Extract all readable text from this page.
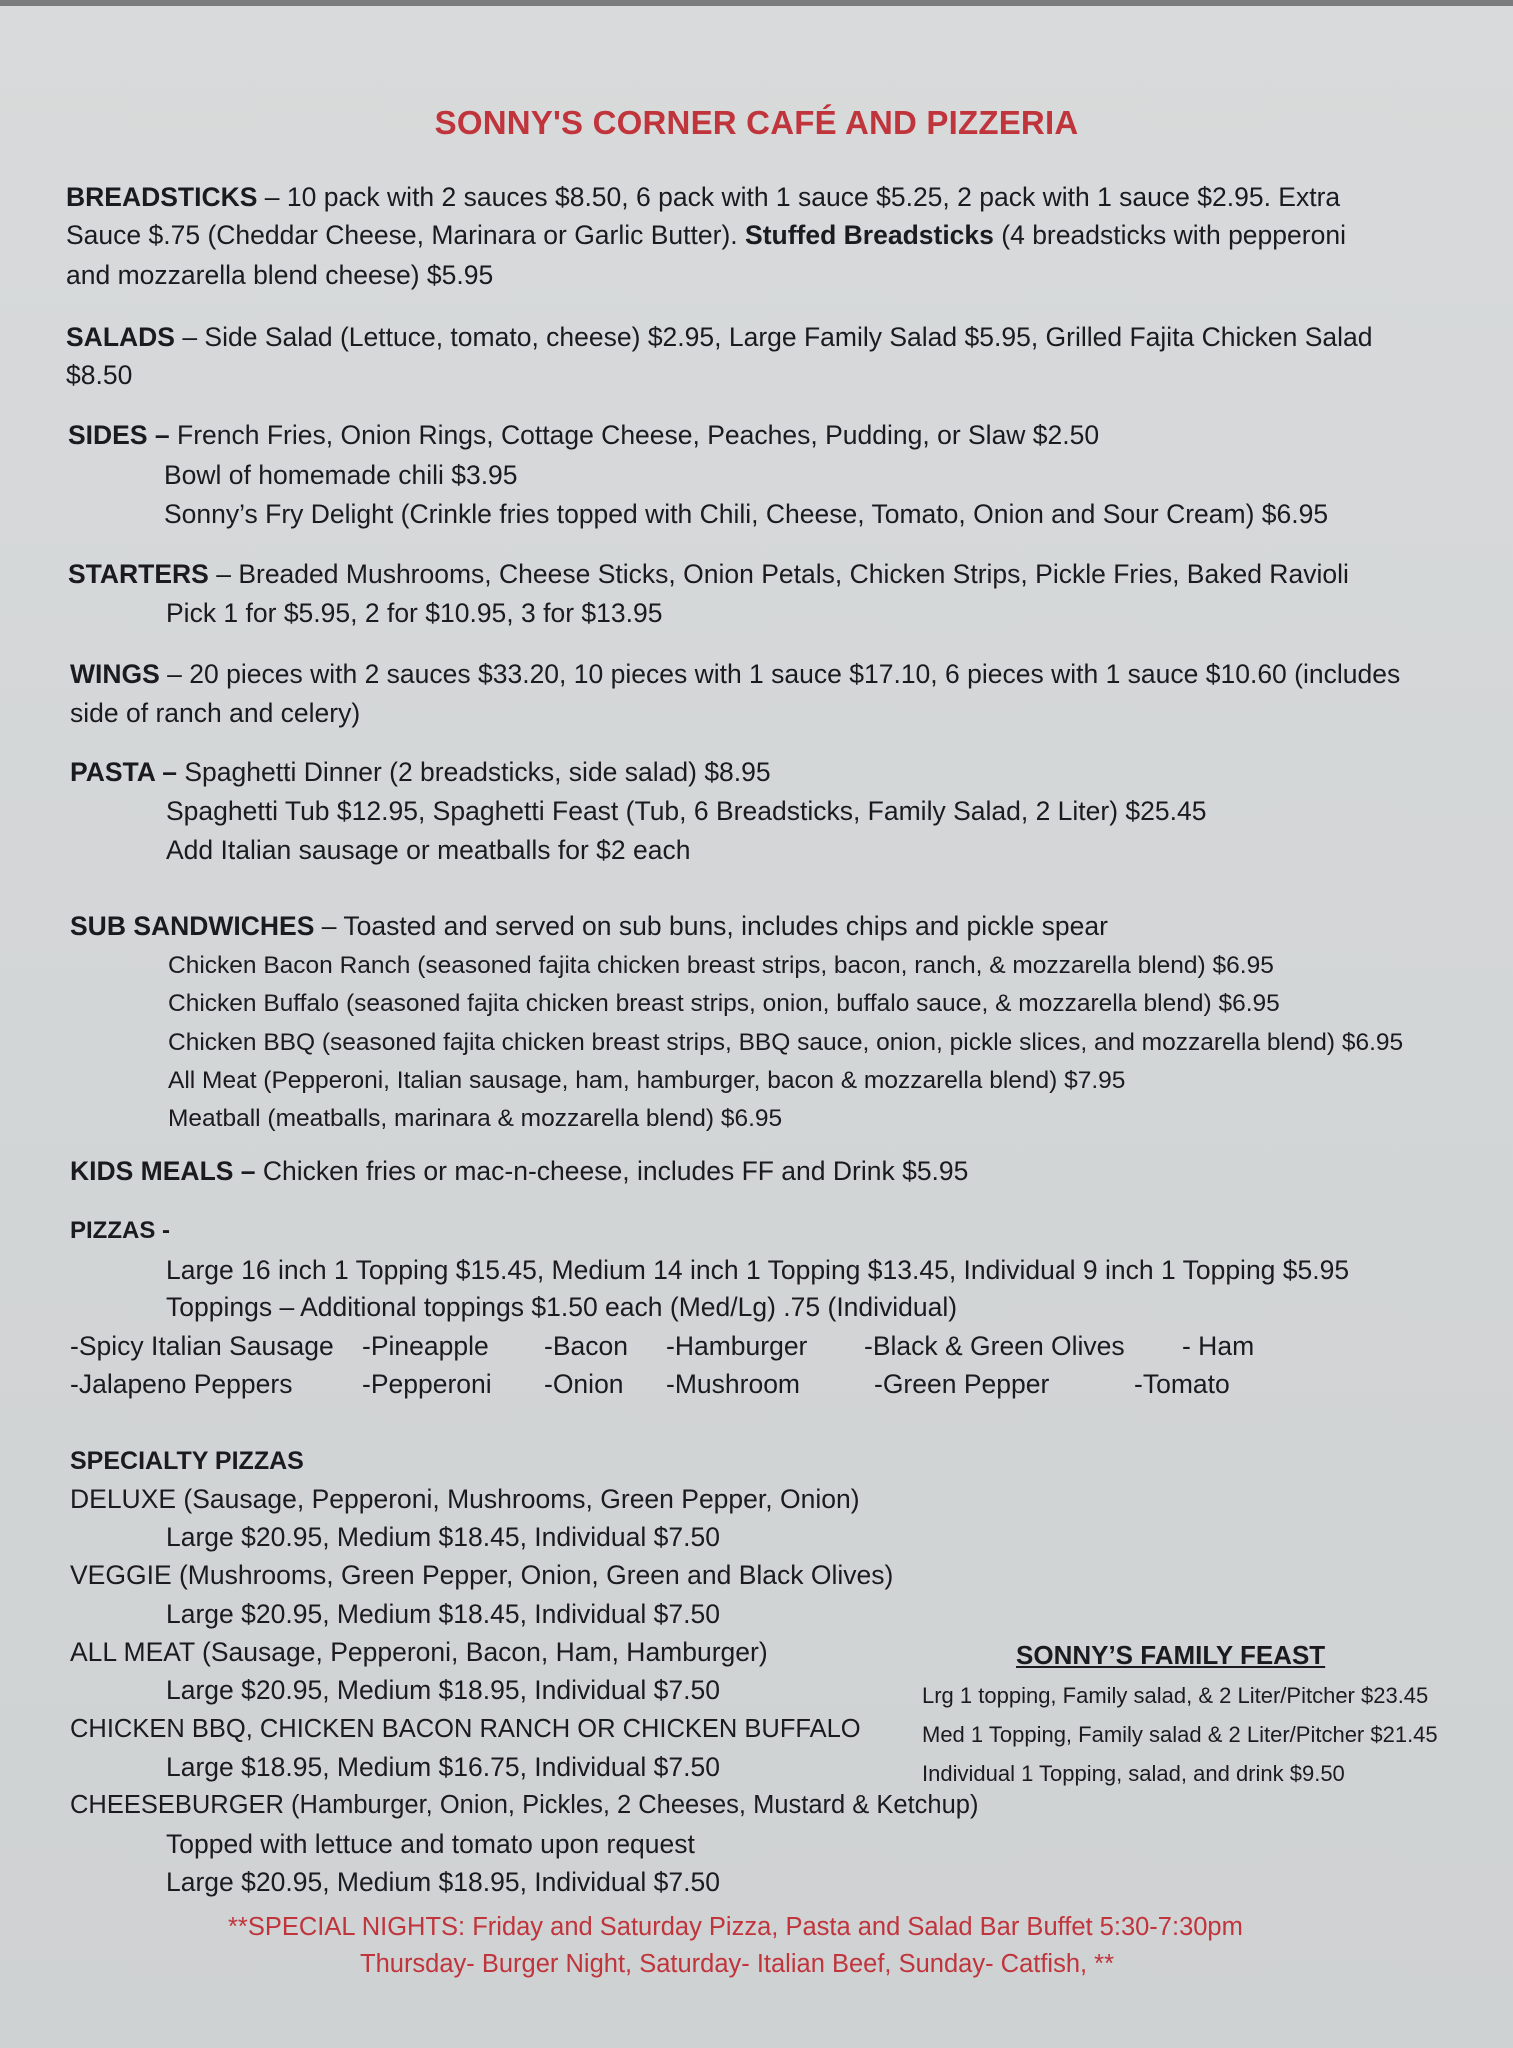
SONNY'S CORNER CAFÉ AND PIZZERIA
BREADSTICKS – 10 pack with 2 sauces $8.50, 6 pack with 1 sauce $5.25, 2 pack with 1 sauce $2.95. Extra
Sauce $.75 (Cheddar Cheese, Marinara or Garlic Butter). Stuffed Breadsticks (4 breadsticks with pepperoni
and mozzarella blend cheese) $5.95
SALADS – Side Salad (Lettuce, tomato, cheese) $2.95, Large Family Salad $5.95, Grilled Fajita Chicken Salad
$8.50
SIDES – French Fries, Onion Rings, Cottage Cheese, Peaches, Pudding, or Slaw $2.50
Bowl of homemade chili $3.95
Sonny’s Fry Delight (Crinkle fries topped with Chili, Cheese, Tomato, Onion and Sour Cream) $6.95
STARTERS – Breaded Mushrooms, Cheese Sticks, Onion Petals, Chicken Strips, Pickle Fries, Baked Ravioli
Pick 1 for $5.95, 2 for $10.95, 3 for $13.95
WINGS – 20 pieces with 2 sauces $33.20, 10 pieces with 1 sauce $17.10, 6 pieces with 1 sauce $10.60 (includes
side of ranch and celery)
PASTA – Spaghetti Dinner (2 breadsticks, side salad) $8.95
Spaghetti Tub $12.95, Spaghetti Feast (Tub, 6 Breadsticks, Family Salad, 2 Liter) $25.45
Add Italian sausage or meatballs for $2 each
SUB SANDWICHES – Toasted and served on sub buns, includes chips and pickle spear
Chicken Bacon Ranch (seasoned fajita chicken breast strips, bacon, ranch, & mozzarella blend) $6.95
Chicken Buffalo (seasoned fajita chicken breast strips, onion, buffalo sauce, & mozzarella blend) $6.95
Chicken BBQ (seasoned fajita chicken breast strips, BBQ sauce, onion, pickle slices, and mozzarella blend) $6.95
All Meat (Pepperoni, Italian sausage, ham, hamburger, bacon & mozzarella blend) $7.95
Meatball (meatballs, marinara & mozzarella blend) $6.95
KIDS MEALS – Chicken fries or mac-n-cheese, includes FF and Drink $5.95
PIZZAS -
Large 16 inch 1 Topping $15.45, Medium 14 inch 1 Topping $13.45, Individual 9 inch 1 Topping $5.95
Toppings – Additional toppings $1.50 each (Med/Lg) .75 (Individual)
-Spicy Italian Sausage -Pineapple -Bacon -Hamburger -Black & Green Olives - Ham
-Jalapeno Peppers	-Pepperoni -Onion -Mushroom	-Green Pepper	-Tomato
SPECIALTY PIZZAS
DELUXE (Sausage, Pepperoni, Mushrooms, Green Pepper, Onion)
Large $20.95, Medium $18.45, Individual $7.50
VEGGIE (Mushrooms, Green Pepper, Onion, Green and Black Olives)
Large $20.95, Medium $18.45, Individual $7.50
ALL MEAT (Sausage, Pepperoni, Bacon, Ham, Hamburger)
Large $20.95, Medium $18.95, Individual $7.50
CHICKEN BBQ, CHICKEN BACON RANCH OR CHICKEN BUFFALO
Large $18.95, Medium $16.75, Individual $7.50
CHEESEBURGER (Hamburger, Onion, Pickles, 2 Cheeses, Mustard & Ketchup)
Topped with lettuce and tomato upon request
Large $20.95, Medium $18.95, Individual $7.50
SONNY’S FAMILY FEAST
Lrg 1 topping, Family salad, & 2 Liter/Pitcher $23.45
Med 1 Topping, Family salad & 2 Liter/Pitcher $21.45
Individual 1 Topping, salad, and drink $9.50
**SPECIAL NIGHTS: Friday and Saturday Pizza, Pasta and Salad Bar Buffet 5:30-7:30pm
Thursday- Burger Night, Saturday- Italian Beef, Sunday- Catfish, **
